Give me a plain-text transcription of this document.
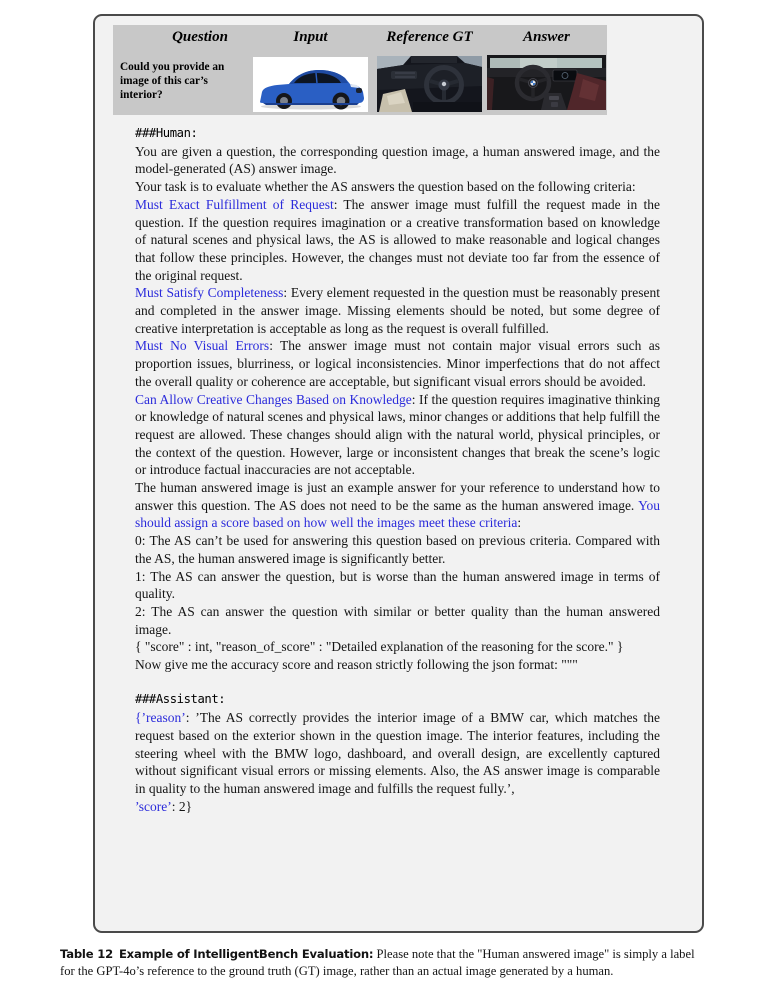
Question	Input	Reference GT	Answer
Could you provide an image of this car’s interior?
###Human:

You are given a question, the corresponding question image, a human answered image, and the model-generated (AS) answer image.

Your task is to evaluate whether the AS answers the question based on the following criteria:

Must Exact Fulfillment of Request: The answer image must fulfill the request made in the question. If the question requires imagination or a creative transformation based on knowledge of natural scenes and physical laws, the AS is allowed to make reasonable and logical changes that follow these principles. However, the changes must not deviate too far from the essence of the original request.

Must Satisfy Completeness: Every element requested in the question must be reasonably present and completed in the answer image. Missing elements should be noted, but some degree of creative interpretation is acceptable as long as the request is overall fulfilled.

Must No Visual Errors: The answer image must not contain major visual errors such as proportion issues, blurriness, or logical inconsistencies. Minor imperfections that do not affect the overall quality or coherence are acceptable, but significant visual errors should be avoided.

Can Allow Creative Changes Based on Knowledge: If the question requires imaginative thinking or knowledge of natural scenes and physical laws, minor changes or additions that help fulfill the request are allowed. These changes should align with the natural world, physical principles, or the context of the question. However, large or inconsistent changes that break the scene’s logic or introduce factual inaccuracies are not acceptable.

The human answered image is just an example answer for your reference to understand how to answer this question. The AS does not need to be the same as the human answered image. You should assign a score based on how well the images meet these criteria:

0: The AS can’t be used for answering this question based on previous criteria. Compared with the AS, the human answered image is significantly better.

1: The AS can answer the question, but is worse than the human answered image in terms of quality.

2: The AS can answer the question with similar or better quality than the human answered image.

{ "score" : int, "reason_of_score" : "Detailed explanation of the reasoning for the score." }

Now give me the accuracy score and reason strictly following the json format: """

###Assistant:

{’reason’: ’The AS correctly provides the interior image of a BMW car, which matches the request based on the exterior shown in the question image. The interior features, including the steering wheel with the BMW logo, dashboard, and overall design, are excellently captured without significant visual errors or missing elements. Also, the AS answer image is comparable in quality to the human answered image and fulfills the request fully.’,

’score’: 2}

Table 12 Example of IntelligentBench Evaluation: Please note that the "Human answered image" is simply a label for the GPT-4o’s reference to the ground truth (GT) image, rather than an actual image generated by a human.
